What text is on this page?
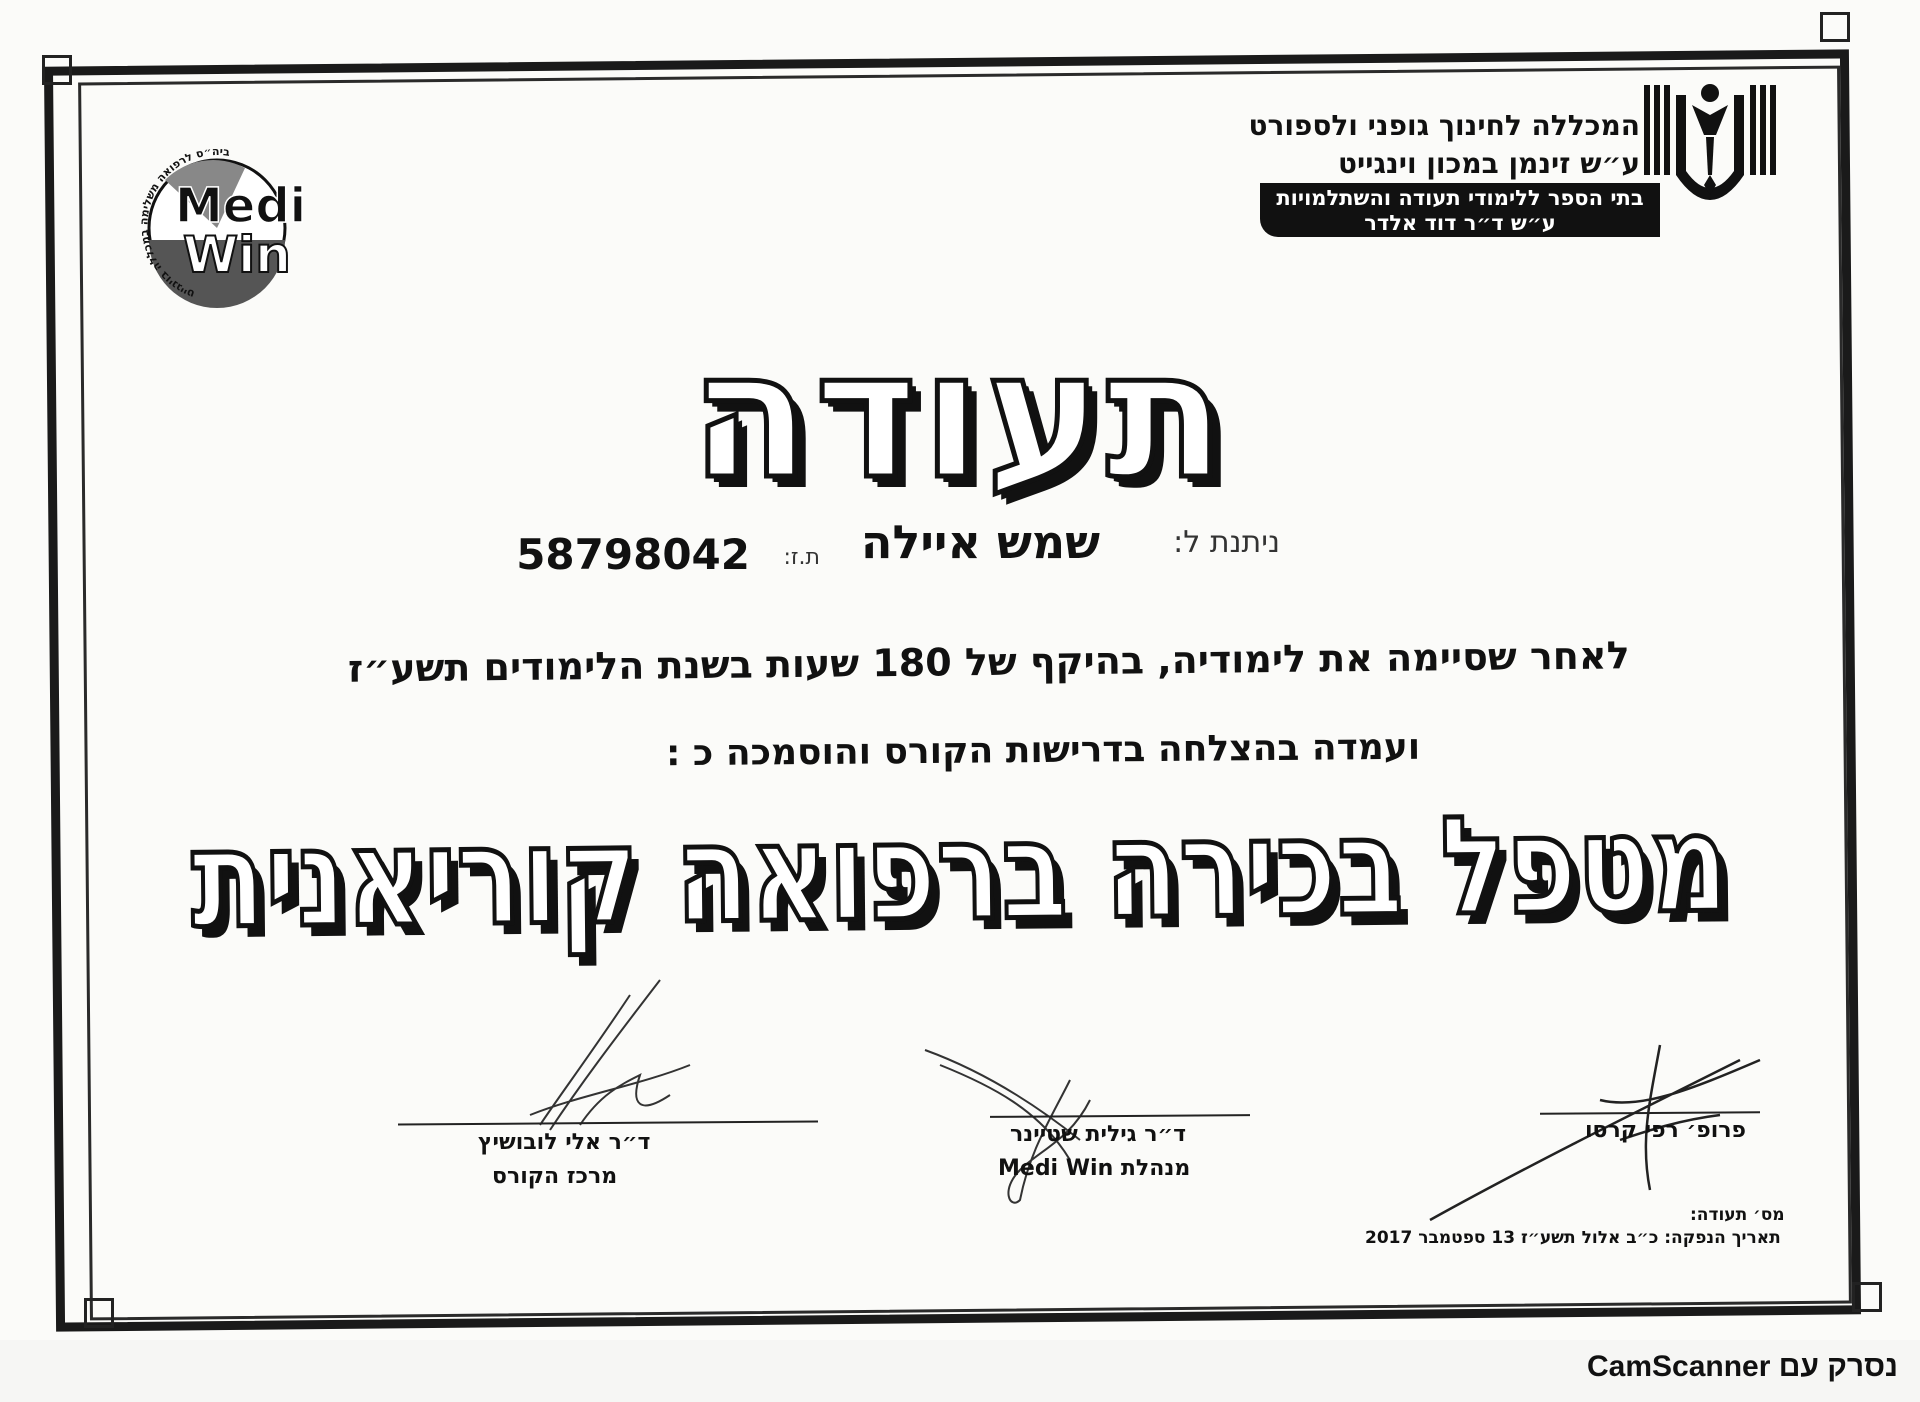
המכללה לחינוך גופני ולספורט
ע״ש זינמן במכון וינגייט
בתי הספר ללימודי תעודה והשתלמויות
ע״ש ד״ר דוד אלדר
ביה״ס לרפואה משלימה במכללה בוינגייט
Medi
Win
תעודה
ניתנת ל:
שמש איילה
ת.ז:
58798042
לאחר שסיימה את לימודיה, בהיקף של 180 שעות בשנת הלימודים תשע״ז
ועמדה בהצלחה בדרישות הקורס והוסמכה כ :
מטפל בכירה ברפואה קוריאנית
ד״ר אלי לובושיץ
מרכז הקורס
ד״ר גילית שטיינר
מנהלת Medi Win
פרופ׳ רפי קרסו
מס׳ תעודה:
תאריך הנפקה: כ״ב אלול תשע״ז 13 ספטמבר 2017
נסרק עם CamScanner
